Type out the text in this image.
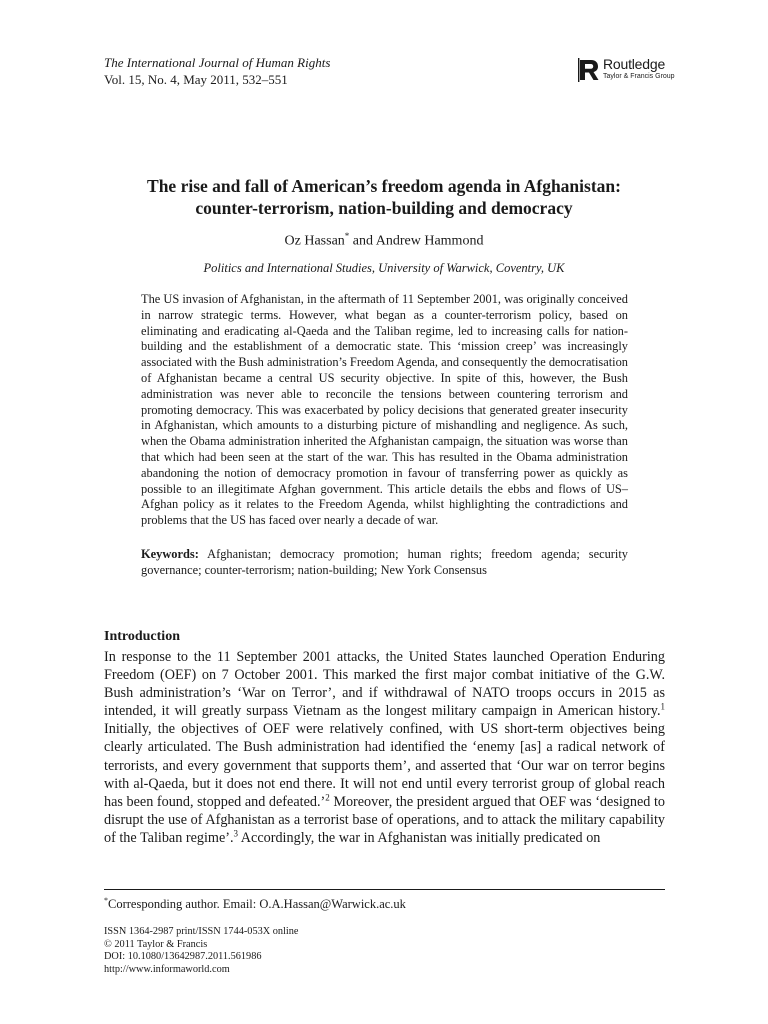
The International Journal of Human Rights
Vol. 15, No. 4, May 2011, 532–551
Routledge
Taylor & Francis Group
The rise and fall of American’s freedom agenda in Afghanistan:
counter-terrorism, nation-building and democracy
Oz Hassan* and Andrew Hammond
Politics and International Studies, University of Warwick, Coventry, UK
The US invasion of Afghanistan, in the aftermath of 11 September 2001, was originally conceived in narrow strategic terms. However, what began as a counter-terrorism policy, based on eliminating and eradicating al-Qaeda and the Taliban regime, led to increasing calls for nation-building and the establishment of a democratic state. This ‘mission creep’ was increasingly associated with the Bush administration’s Freedom Agenda, and consequently the democratisation of Afghanistan became a central US security objective. In spite of this, however, the Bush administration was never able to reconcile the tensions between countering terrorism and promoting democracy. This was exacerbated by policy decisions that generated greater insecurity in Afghanistan, which amounts to a disturbing picture of mishandling and negligence. As such, when the Obama administration inherited the Afghanistan campaign, the situation was worse than that which had been seen at the start of the war. This has resulted in the Obama administration abandoning the notion of democracy promotion in favour of transferring power as quickly as possible to an illegitimate Afghan government. This article details the ebbs and flows of US–Afghan policy as it relates to the Freedom Agenda, whilst highlighting the contradictions and problems that the US has faced over nearly a decade of war.
Keywords: Afghanistan; democracy promotion; human rights; freedom agenda; security governance; counter-terrorism; nation-building; New York Consensus
Introduction
In response to the 11 September 2001 attacks, the United States launched Operation Enduring Freedom (OEF) on 7 October 2001. This marked the first major combat initiative of the G.W. Bush administration’s ‘War on Terror’, and if withdrawal of NATO troops occurs in 2015 as intended, it will greatly surpass Vietnam as the longest military campaign in American history.$^1$ Initially, the objectives of OEF were relatively confined, with US short-term objectives being clearly articulated. The Bush administration had identified the ‘enemy [as] a radical network of terrorists, and every government that supports them’, and asserted that ‘Our war on terror begins with al-Qaeda, but it does not end there. It will not end until every terrorist group of global reach has been found, stopped and defeated.’$^2$ Moreover, the president argued that OEF was ‘designed to disrupt the use of Afghanistan as a terrorist base of operations, and to attack the military capability of the Taliban regime’.$^3$ Accordingly, the war in Afghanistan was initially predicated on
*Corresponding author. Email: O.A.Hassan@Warwick.ac.uk
ISSN 1364-2987 print/ISSN 1744-053X online
© 2011 Taylor & Francis
DOI: 10.1080/13642987.2011.561986
http://www.informaworld.com
